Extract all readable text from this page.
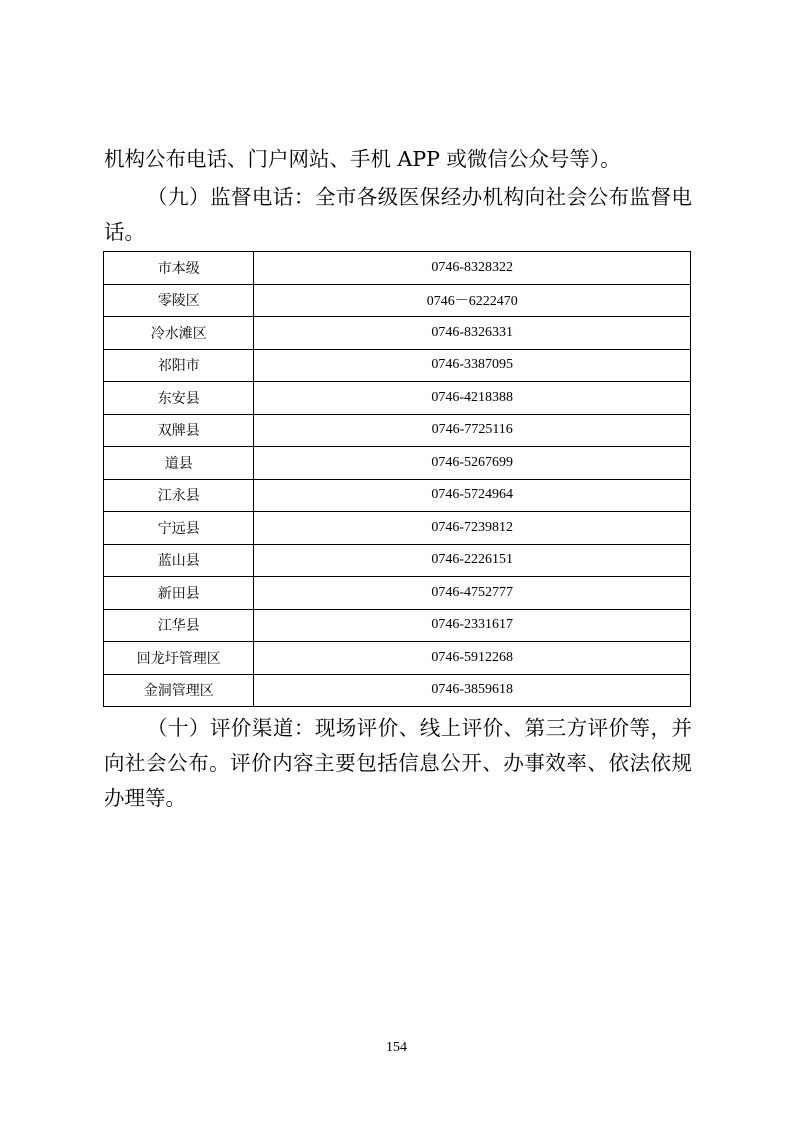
机构公布电话、门户网站、手机 APP 或微信公众号等）。

（九）监督电话：全市各级医保经办机构向社会公布监督电话。

市本级	0746-8328322
零陵区	0746－6222470
冷水滩区	0746-8326331
祁阳市	0746-3387095
东安县	0746-4218388
双牌县	0746-7725116
道县	0746-5267699
江永县	0746-5724964
宁远县	0746-7239812
蓝山县	0746-2226151
新田县	0746-4752777
江华县	0746-2331617
回龙圩管理区	0746-5912268
金洞管理区	0746-3859618

（十）评价渠道：现场评价、线上评价、第三方评价等，并向社会公布。评价内容主要包括信息公开、办事效率、依法依规办理等。

154
